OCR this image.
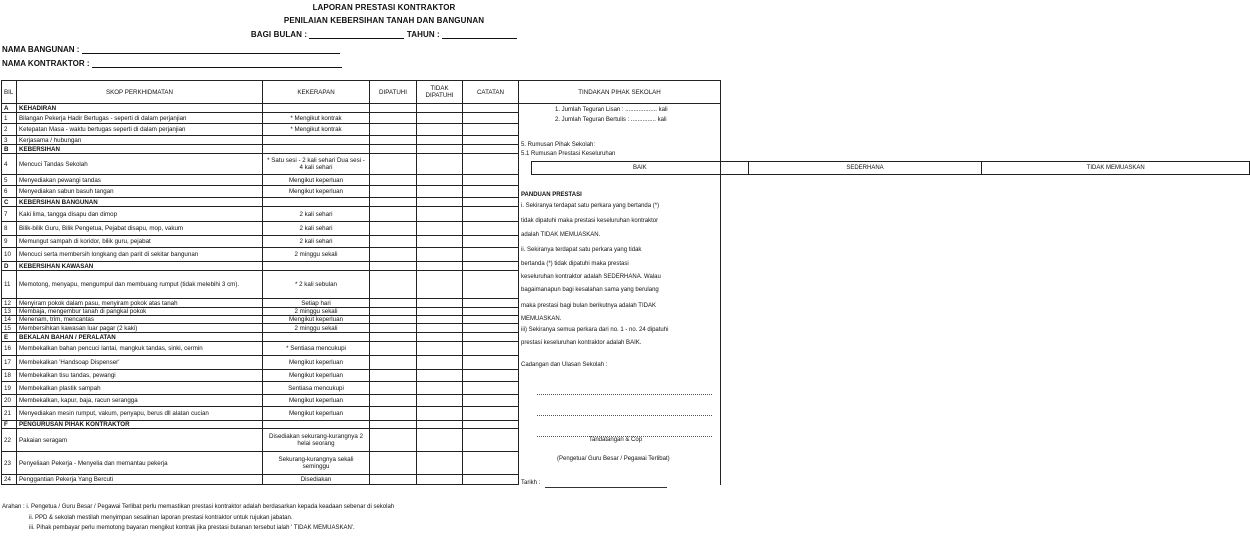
LAPORAN PRESTASI KONTRAKTOR
PENILAIAN KEBERSIHAN TANAH DAN BANGUNAN
BAGI BULAN :	TAHUN :
NAMA BANGUNAN :
NAMA KONTRAKTOR :
BIL	SKOP PERKHIDMATAN	KEKERAPAN	DIPATUHI	TIDAK DIPATUHI	CATATAN	TINDAKAN PIHAK SEKOLAH
A	KEHADIRAN					1. Jumlah Teguran Lisan : ................... kali
2. Jumlah Teguran Bertulis : ............... kali
5. Rumusan Pihak Sekolah:
5.1 Rumusan Prestasi Keseluruhan
BAIK	SEDERHANA	TIDAK MEMUASKAN
PANDUAN PRESTASI
i. Sekiranya terdapat satu perkara yang bertanda (*)
tidak dipatuhi maka prestasi keseluruhan kontraktor
adalah TIDAK MEMUASKAN.
ii. Sekiranya terdapat satu perkara yang tidak
bertanda (*) tidak dipatuhi maka prestasi
keseluruhan kontraktor adalah SEDERHANA. Walau
bagaimanapun bagi kesalahan sama yang berulang
maka prestasi bagi bulan berikutnya adalah TIDAK
MEMUASKAN.
iii) Sekiranya semua perkara dari no. 1 - no. 24 dipatuhi
prestasi keseluruhan kontraktor adalah BAIK.
Cadangan dan Ulasan Sekolah :
Tandatangan & Cop
(Pengetua/ Guru Besar / Pegawai Terlibat)
Tarikh :

1	Bilangan Pekerja Hadir Bertugas - seperti di dalam perjanjian	* Mengikut kontrak			
2	Ketepatan Masa - waktu bertugas seperti di dalam perjanjian	* Mengikut kontrak			
3	Kerjasama / hubungan				
B	KEBERSIHAN				
4	Mencuci Tandas Sekolah	* Satu sesi - 2 kali sehari Dua sesi - 4 kali sehari			
5	Menyediakan pewangi tandas	Mengikut keperluan			
6	Menyediakan sabun basuh tangan	Mengikut keperluan			
C	KEBERSIHAN BANGUNAN				
7	Kaki lima, tangga disapu dan dimop	2 kali sehari			
8	Bilik-bilik Guru, Bilik Pengetua, Pejabat disapu, mop, vakum	2 kali sehari			
9	Memungut sampah di koridor, bilik guru, pejabat	2 kali sehari			
10	Mencuci serta membersih longkang dan parit di sekitar bangunan	2 minggu sekali			
D	KEBERSIHAN KAWASAN				
11	Memotong, menyapu, mengumpul dan membuang rumput (tidak melebihi 3 cm).	* 2 kali sebulan			
12	Menyiram pokok dalam pasu, menyiram pokok atas tanah	Setiap hari			
13	Membaja, mengembur tanah di pangkal pokok	2 minggu sekali			
14	Menenam, trim, mencantas	Mengikut keperluan			
15	Membersihkan kawasan luar pagar (2 kaki)	2 minggu sekali			
E	BEKALAN BAHAN / PERALATAN				
16	Membekalkan bahan pencuci lantai, mangkuk tandas, sinki, cermin	* Sentiasa mencukupi			
17	Membekalkan 'Handsoap Dispenser'	Mengikut keperluan			
18	Membekalkan tisu tandas, pewangi	Mengikut keperluan			
19	Membekalkan plastik sampah	Sentiasa mencukupi			
20	Membekalkan, kapur, baja, racun serangga	Mengikut keperluan			
21	Menyediakan mesin rumput, vakum, penyapu, berus dll alatan cucian	Mengikut keperluan			
F	PENGURUSAN PIHAK KONTRAKTOR				
22	Pakaian seragam	Disediakan sekurang-kurangnya 2 helai seorang			
23	Penyeliaan Pekerja - Menyelia dan memantau pekerja	Sekurang-kurangnya sekali seminggu			
24	Penggantian Pekerja Yang Bercuti	Disediakan			
Arahan : i. Pengetua / Guru Besar / Pegawai Terlibat perlu memastikan prestasi kontraktor adalah berdasarkan kepada keadaan sebenar di sekolah
ii. PPD & sekolah mestilah menyimpan sesalinan laporan prestasi kontraktor untuk rujukan jabatan.
iii. Pihak pembayar perlu memotong bayaran mengikut kontrak jika prestasi bulanan tersebut ialah ' TIDAK MEMUASKAN'.
